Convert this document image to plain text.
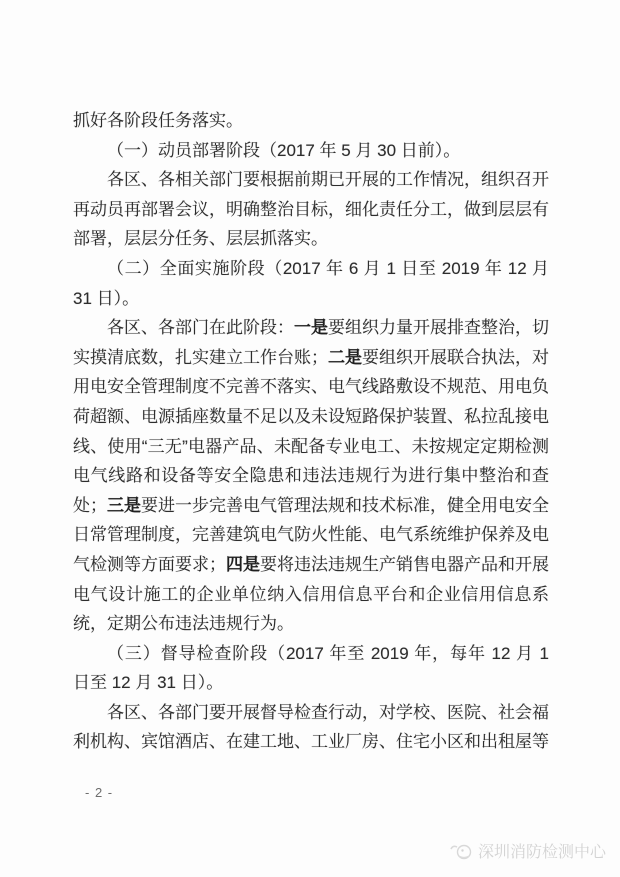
抓好各阶段任务落实。

（一）动员部署阶段（2017 年 5 月 30 日前）。

各区、各相关部门要根据前期已开展的工作情况，组织召开再动员再部署会议，明确整治目标，细化责任分工，做到层层有部署，层层分任务、层层抓落实。

（二）全面实施阶段（2017 年 6 月 1 日至 2019 年 12 月 31 日）。

各区、各部门在此阶段：一是要组织力量开展排查整治，切实摸清底数，扎实建立工作台账；二是要组织开展联合执法，对用电安全管理制度不完善不落实、电气线路敷设不规范、用电负荷超额、电源插座数量不足以及未设短路保护装置、私拉乱接电线、使用“三无”电器产品、未配备专业电工、未按规定定期检测电气线路和设备等安全隐患和违法违规行为进行集中整治和查处；三是要进一步完善电气管理法规和技术标准，健全用电安全日常管理制度，完善建筑电气防火性能、电气系统维护保养及电气检测等方面要求；四是要将违法违规生产销售电器产品和开展电气设计施工的企业单位纳入信用信息平台和企业信用信息系统，定期公布违法违规行为。

（三）督导检查阶段（2017 年至 2019 年，每年 12 月 1 日至 12 月 31 日）。

各区、各部门要开展督导检查行动，对学校、医院、社会福利机构、宾馆酒店、在建工地、工业厂房、住宅小区和出租屋等

- 2 -
深圳消防检测中心
